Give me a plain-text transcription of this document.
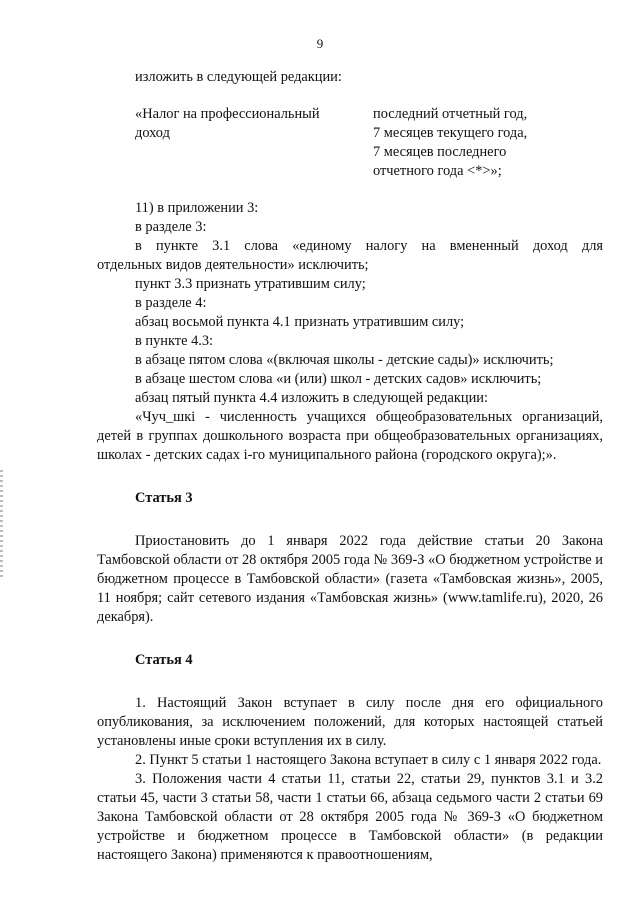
9
изложить в следующей редакции:
«Налог на профессиональный
доход
последний отчетный год,
7 месяцев текущего года,
7 месяцев последнего
отчетного года <*>»;
11) в приложении 3:
в разделе 3:
в пункте 3.1 слова «единому налогу на вмененный доход для
отдельных видов деятельности» исключить;
пункт 3.3 признать утратившим силу;
в разделе 4:
абзац восьмой пункта 4.1 признать утратившим силу;
в пункте 4.3:
в абзаце пятом слова «(включая школы - детские сады)» исключить;
в абзаце шестом слова «и (или) школ - детских садов» исключить;
абзац пятый пункта 4.4 изложить в следующей редакции:
«Чуч_шкі - численность учащихся общеобразовательных организаций, детей в группах дошкольного возраста при общеобразовательных организациях, школах - детских садах і-го муниципального района (городского округа);».
Статья 3
Приостановить до 1 января 2022 года действие статьи 20 Закона Тамбовской области от 28 октября 2005 года № 369-З «О бюджетном устройстве и бюджетном процессе в Тамбовской области» (газета «Тамбовская жизнь», 2005, 11 ноября; сайт сетевого издания «Тамбовская жизнь» (www.tamlife.ru), 2020, 26 декабря).
Статья 4
1. Настоящий Закон вступает в силу после дня его официального опубликования, за исключением положений, для которых настоящей статьей установлены иные сроки вступления их в силу.
2. Пункт 5 статьи 1 настоящего Закона вступает в силу с 1 января 2022 года.
3. Положения части 4 статьи 11, статьи 22, статьи 29, пунктов 3.1 и 3.2 статьи 45, части 3 статьи 58, части 1 статьи 66, абзаца седьмого части 2 статьи 69 Закона Тамбовской области от 28 октября 2005 года № 369-З «О бюджетном устройстве и бюджетном процессе в Тамбовской области» (в редакции настоящего Закона) применяются к правоотношениям,
